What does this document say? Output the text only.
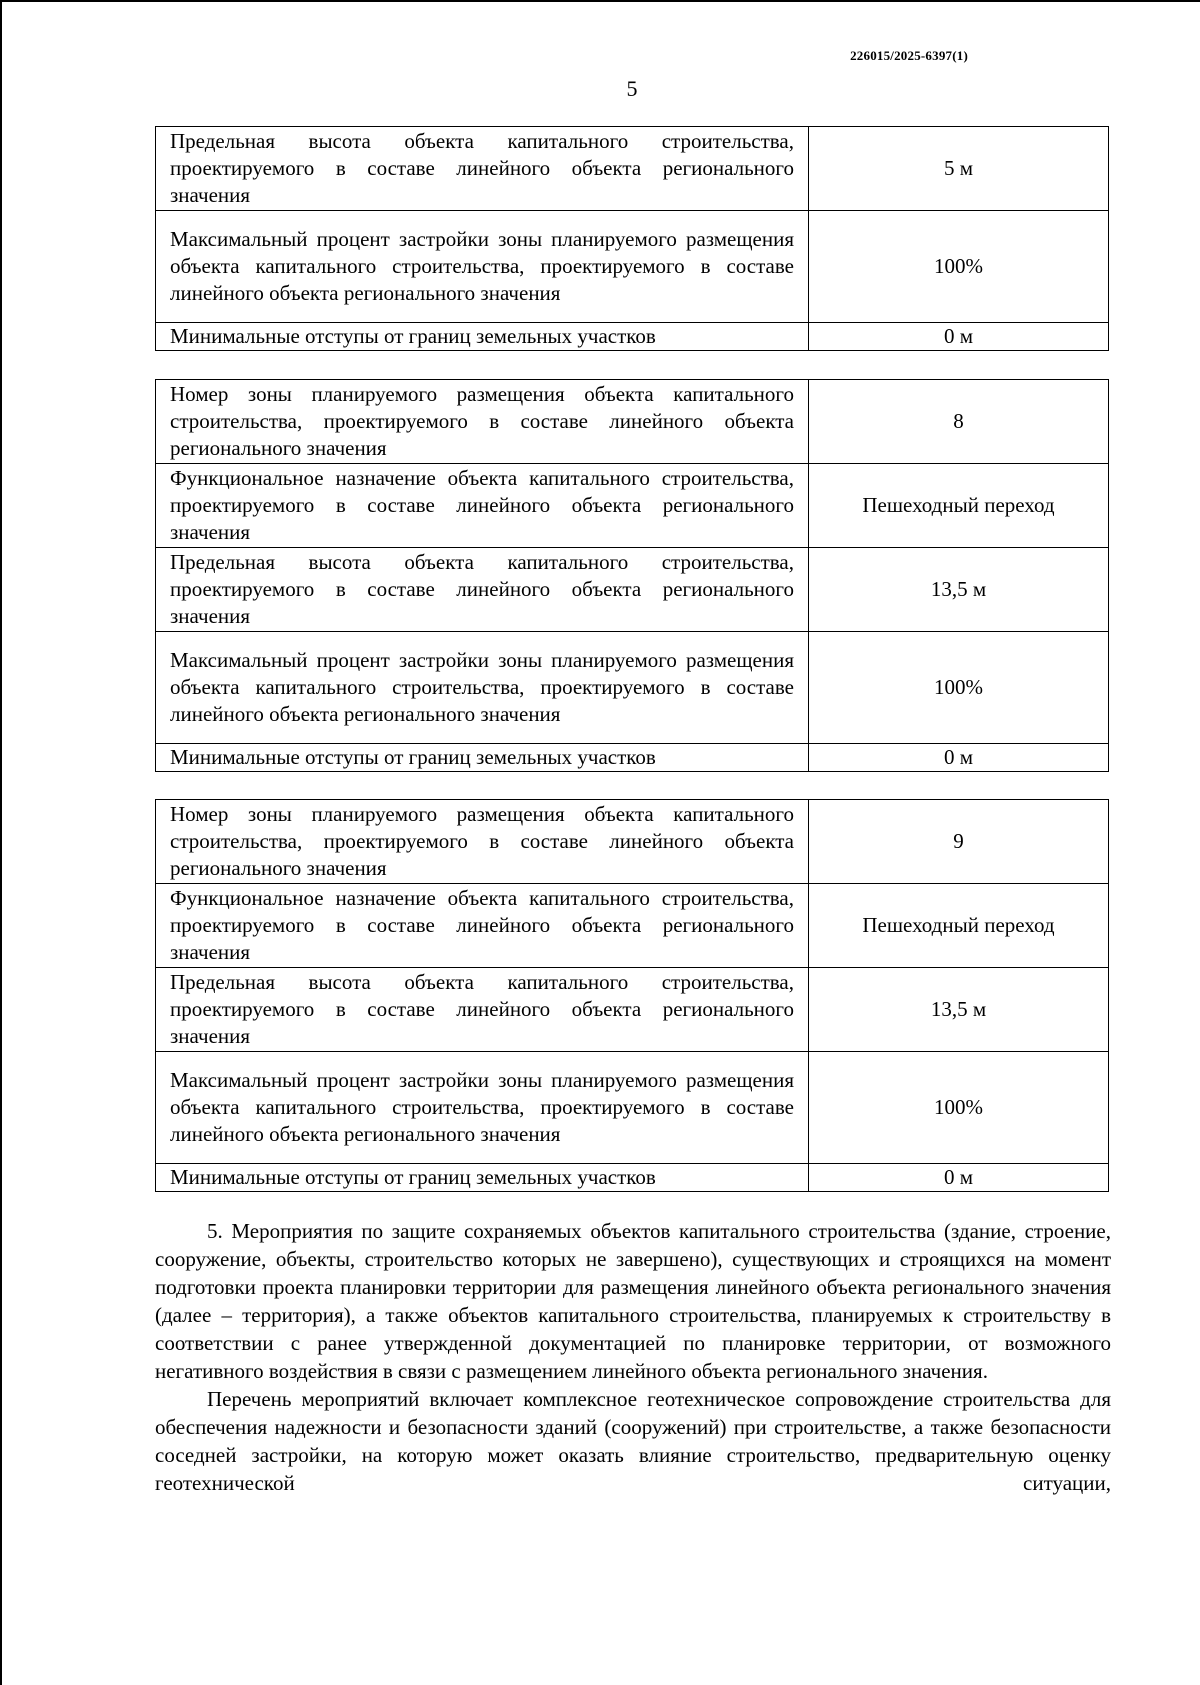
226015/2025-6397(1)
5
Предельная высота объекта капитального строительства, проектируемого в составе линейного объекта регионального значения	5 м
Максимальный процент застройки зоны планируемого размещения объекта капитального строительства, проектируемого в составе линейного объекта регионального значения	100%
Минимальные отступы от границ земельных участков	0 м
Номер зоны планируемого размещения объекта капитального строительства, проектируемого в составе линейного объекта регионального значения	8
Функциональное назначение объекта капитального строительства, проектируемого в составе линейного объекта регионального значения	Пешеходный переход
Предельная высота объекта капитального строительства, проектируемого в составе линейного объекта регионального значения	13,5 м
Максимальный процент застройки зоны планируемого размещения объекта капитального строительства, проектируемого в составе линейного объекта регионального значения	100%
Минимальные отступы от границ земельных участков	0 м
Номер зоны планируемого размещения объекта капитального строительства, проектируемого в составе линейного объекта регионального значения	9
Функциональное назначение объекта капитального строительства, проектируемого в составе линейного объекта регионального значения	Пешеходный переход
Предельная высота объекта капитального строительства, проектируемого в составе линейного объекта регионального значения	13,5 м
Максимальный процент застройки зоны планируемого размещения объекта капитального строительства, проектируемого в составе линейного объекта регионального значения	100%
Минимальные отступы от границ земельных участков	0 м

5. Мероприятия по защите сохраняемых объектов капитального строительства (здание, строение, сооружение, объекты, строительство которых не завершено), существующих и строящихся на момент подготовки проекта планировки территории для размещения линейного объекта регионального значения (далее – территория), а также объектов капитального строительства, планируемых к строительству в соответствии с ранее утвержденной документацией по планировке территории, от возможного негативного воздействия в связи с размещением линейного объекта регионального значения.

Перечень мероприятий включает комплексное геотехническое сопровождение строительства для обеспечения надежности и безопасности зданий (сооружений) при строительстве, а также безопасности соседней застройки, на которую может оказать влияние строительство, предварительную оценку геотехнической ситуации,
